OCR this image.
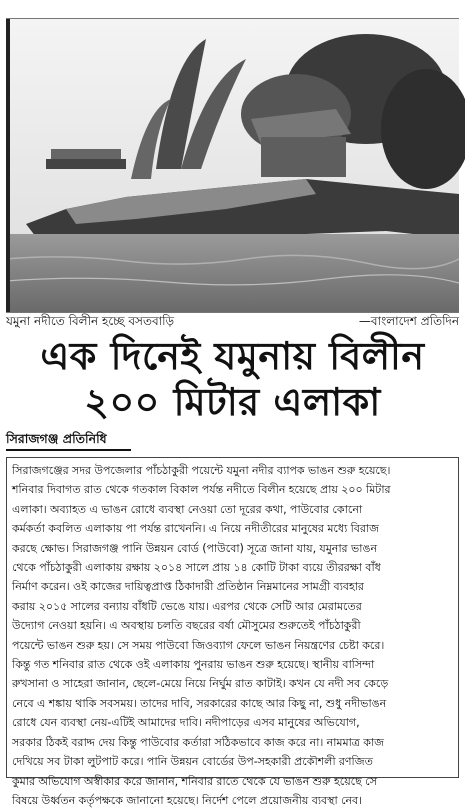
যমুনা নদীতে বিলীন হচ্ছে বসতবাড়ি	—বাংলাদেশ প্রতিদিন
এক দিনেই যমুনায় বিলীন
২০০ মিটার এলাকা
সিরাজগঞ্জ প্রতিনিধি
সিরাজগঞ্জের সদর উপজেলার পাঁচঠাকুরী পয়েন্টে যমুনা নদীর ব্যাপক ভাঙন শুরু হয়েছে।
শনিবার দিবাগত রাত থেকে গতকাল বিকাল পর্যন্ত নদীতে বিলীন হয়েছে প্রায় ২০০ মিটার
এলাকা। অব্যাহত এ ভাঙন রোধে ব্যবস্থা নেওয়া তো দূরের কথা, পাউবোর কোনো
কর্মকর্তা কবলিত এলাকায় পা পর্যন্ত রাখেননি। এ নিয়ে নদীতীরের মানুষের মধ্যে বিরাজ
করছে ক্ষোভ। সিরাজগঞ্জ পানি উন্নয়ন বোর্ড (পাউবো) সূত্রে জানা যায়, যমুনার ভাঙন
থেকে পাঁচঠাকুরী এলাকায় রক্ষায় ২০১৪ সালে প্রায় ১৪ কোটি টাকা ব্যয়ে তীররক্ষা বাঁধ
নির্মাণ করেন। ওই কাজের দায়িত্বপ্রাপ্ত ঠিকাদারী প্রতিষ্ঠান নিম্নমানের সামগ্রী ব্যবহার
করায় ২০১৫ সালের বন্যায় বাঁধটি ভেঙে যায়। এরপর থেকে সেটি আর মেরামতের
উদ্যোগ নেওয়া হয়নি। এ অবস্থায় চলতি বছরের বর্ষা মৌসুমের শুরুতেই পাঁচঠাকুরী
পয়েন্টে ভাঙন শুরু হয়। সে সময় পাউবো জিওব্যাগ ফেলে ভাঙন নিয়ন্ত্রণের চেষ্টা করে।
কিন্তু গত শনিবার রাত থেকে ওই এলাকায় পুনরায় ভাঙন শুরু হয়েছে। স্থানীয় বাসিন্দা
রুখসানা ও সাহেরা জানান, ছেলে-মেয়ে নিয়ে নির্ঘুম রাত কাটাই। কখন যে নদী সব কেড়ে
নেবে এ শঙ্কায় থাকি সবসময়। তাদের দাবি, সরকারের কাছে আর কিছু না, শুধু নদীভাঙন
রোধে যেন ব্যবস্থা নেয়-এটিই আমাদের দাবি। নদীপাড়ের এসব মানুষের অভিযোগ,
সরকার ঠিকই বরাদ্দ দেয় কিন্তু পাউবোর কর্তারা সঠিকভাবে কাজ করে না। নামমাত্র কাজ
দেখিয়ে সব টাকা লুটপাট করে। পানি উন্নয়ন বোর্ডের উপ-সহকারী প্রকৌশলী রণজিত
কুমার অভিযোগ অস্বীকার করে জানান, শনিবার রাতে থেকে যে ভাঙন শুরু হয়েছে সে
বিষয়ে উর্ধ্বতন কর্তৃপক্ষকে জানানো হয়েছে। নির্দেশ পেলে প্রয়োজনীয় ব্যবস্থা নেব।
